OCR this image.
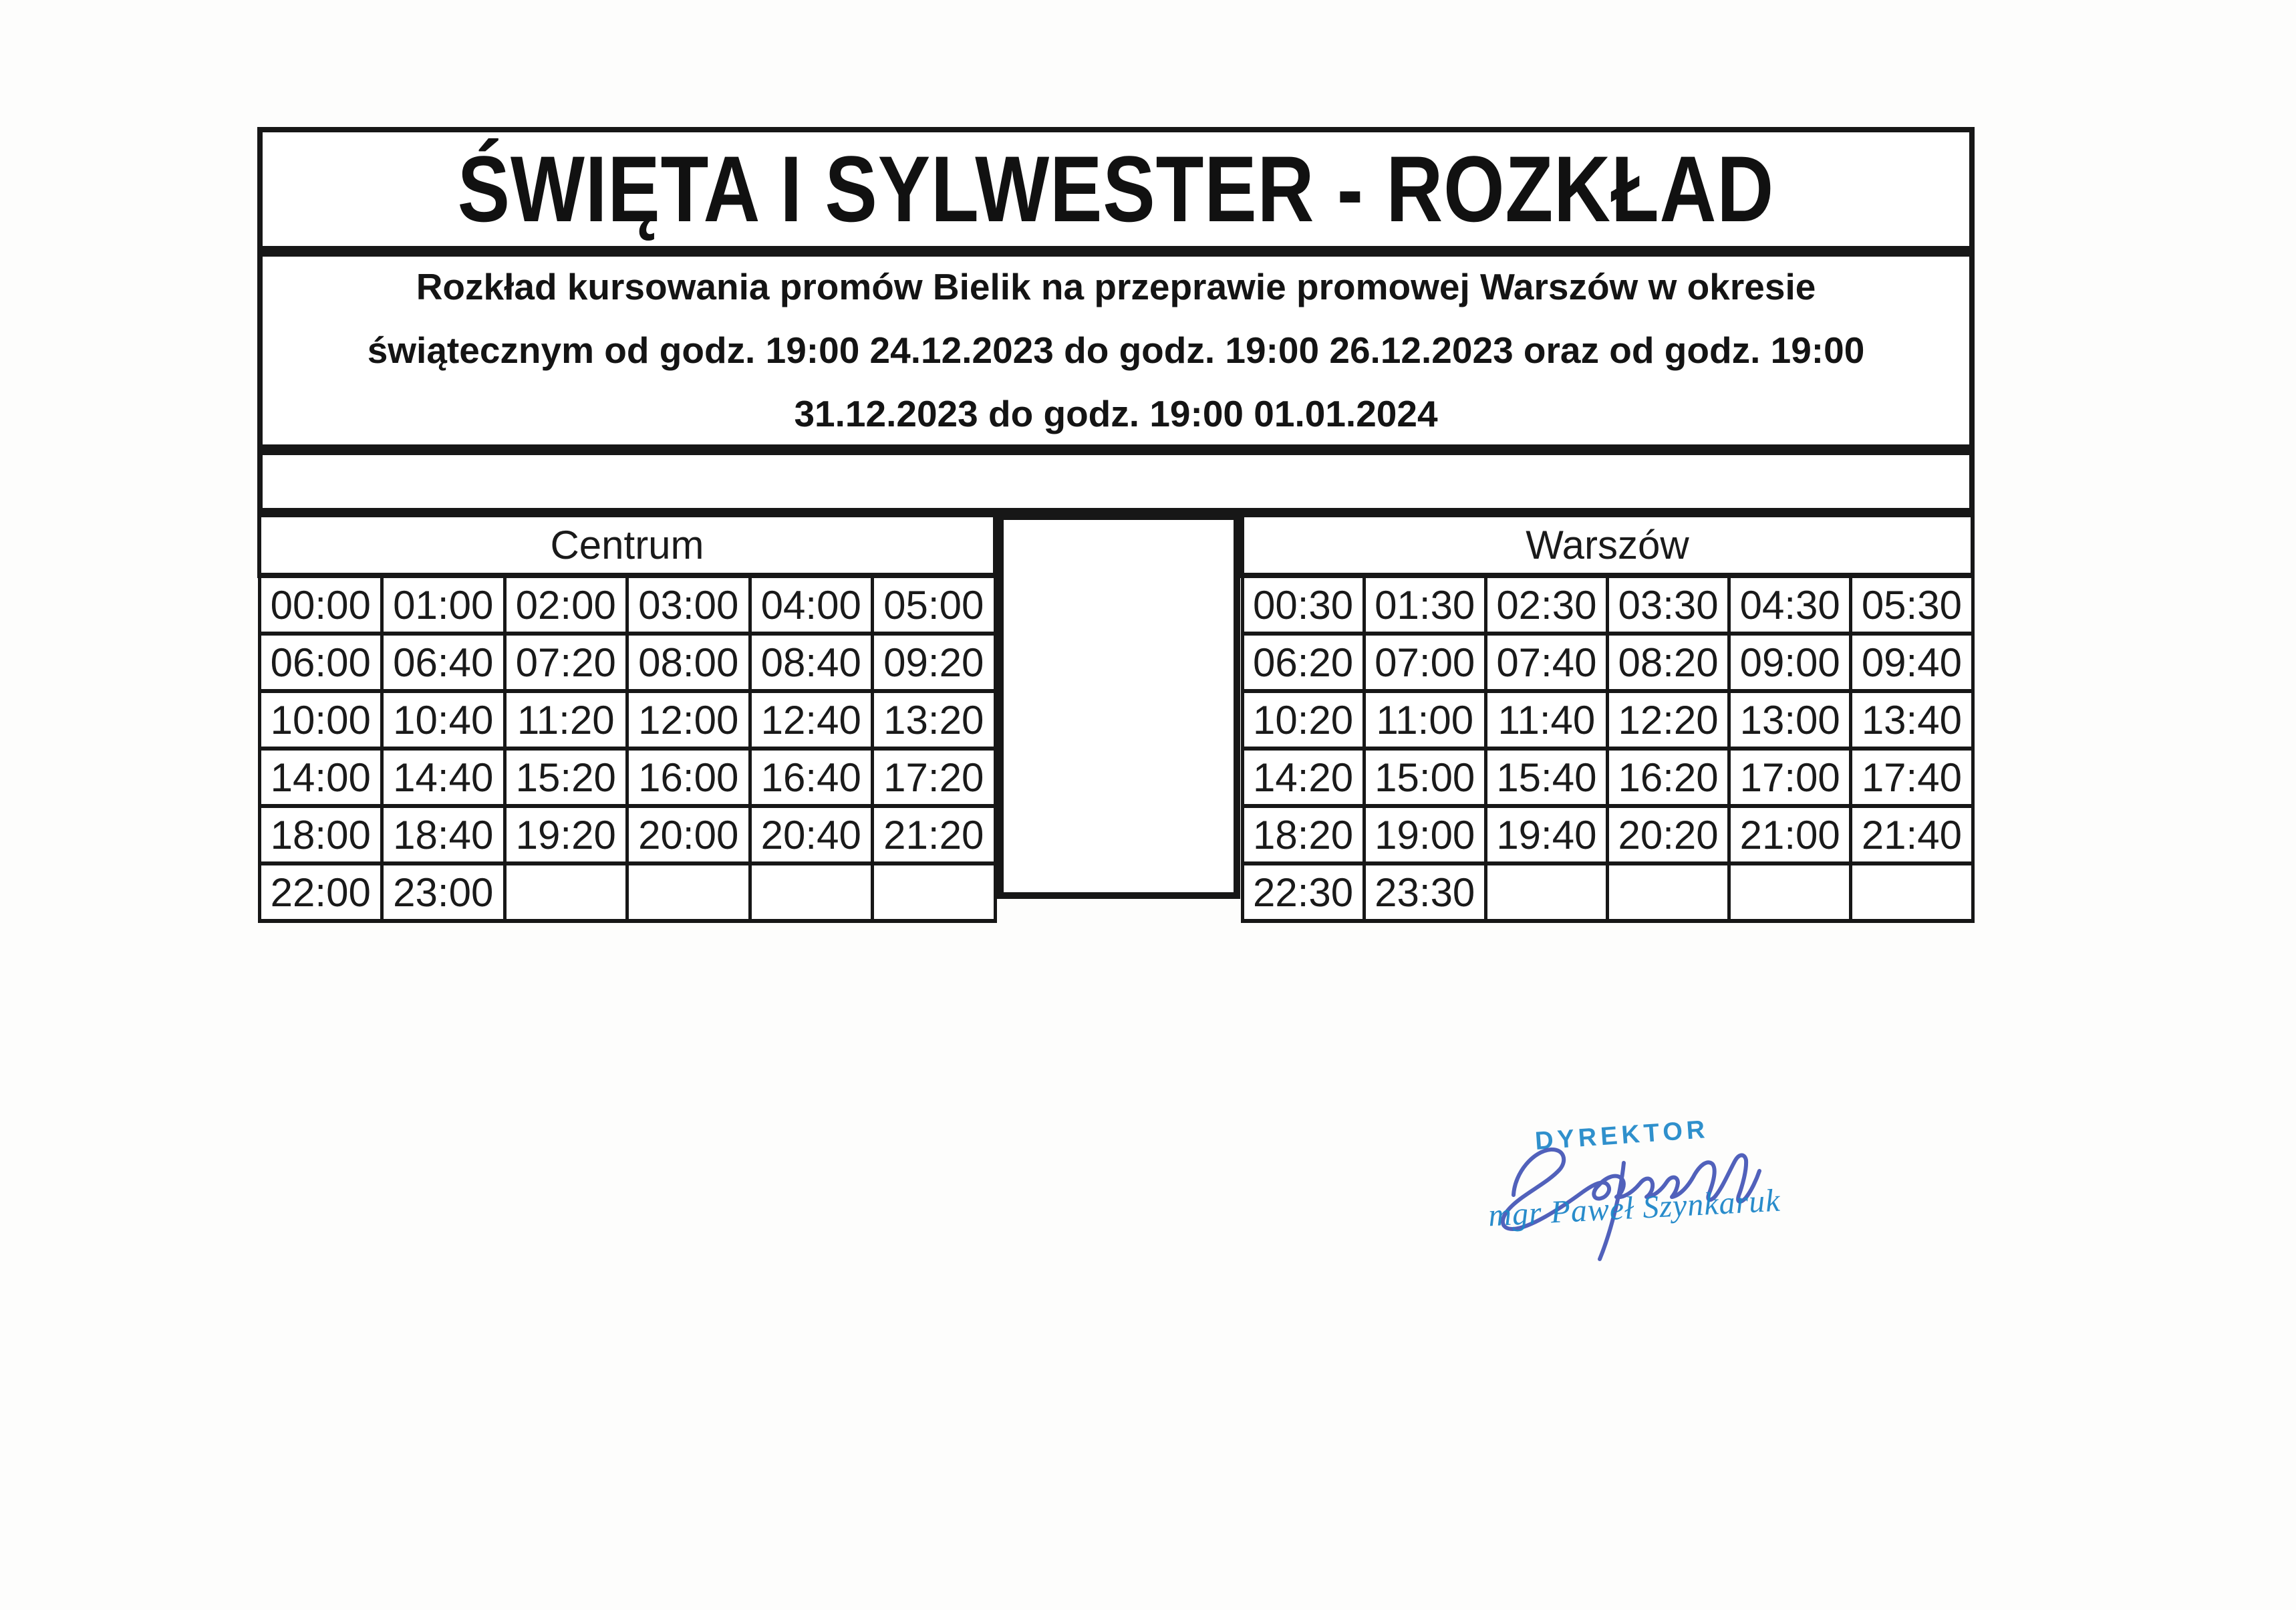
ŚWIĘTA I SYLWESTER - ROZKŁAD
Rozkład kursowania promów Bielik na przeprawie promowej Warszów w okresie
świątecznym od godz. 19:00 24.12.2023 do godz. 19:00 26.12.2023 oraz od godz. 19:00
31.12.2023 do godz. 19:00 01.01.2024
Centrum					
00:00	01:00	02:00	03:00	04:00	05:00
06:00	06:40	07:20	08:00	08:40	09:20
10:00	10:40	11:20	12:00	12:40	13:20
14:00	14:40	15:20	16:00	16:40	17:20
18:00	18:40	19:20	20:00	20:40	21:20
22:00	23:00				
Warszów					
00:30	01:30	02:30	03:30	04:30	05:30
06:20	07:00	07:40	08:20	09:00	09:40
10:20	11:00	11:40	12:20	13:00	13:40
14:20	15:00	15:40	16:20	17:00	17:40
18:20	19:00	19:40	20:20	21:00	21:40
22:30	23:30				
DYREKTOR
mgr Paweł Szynkaruk
